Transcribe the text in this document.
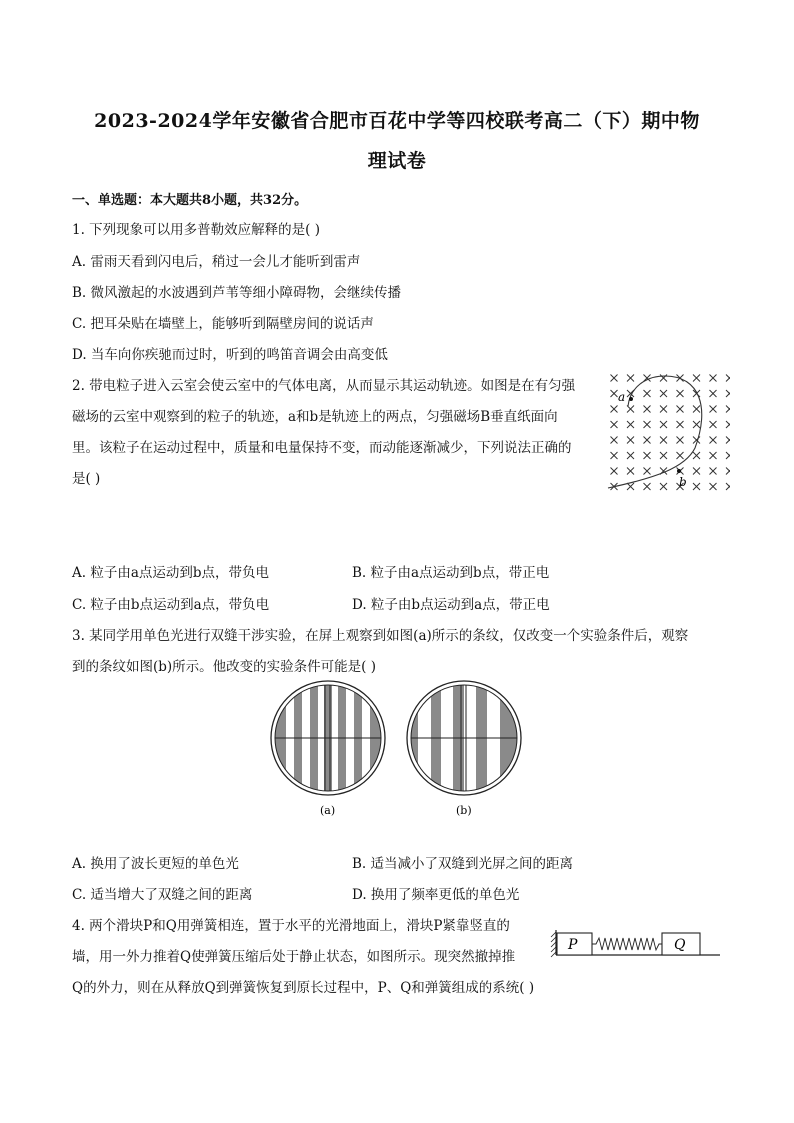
2023-2024学年安徽省合肥市百花中学等四校联考高二（下）期中物
理试卷
一、单选题：本大题共8小题，共32分。
1. 下列现象可以用多普勒效应解释的是( )
A. 雷雨天看到闪电后，稍过一会儿才能听到雷声
B. 微风激起的水波遇到芦苇等细小障碍物，会继续传播
C. 把耳朵贴在墙壁上，能够听到隔壁房间的说话声
D. 当车向你疾驰而过时，听到的鸣笛音调会由高变低
2. 带电粒子进入云室会使云室中的气体电离，从而显示其运动轨迹。如图是在有匀强
磁场的云室中观察到的粒子的轨迹，a和b是轨迹上的两点，匀强磁场B垂直纸面向
里。该粒子在运动过程中，质量和电量保持不变，而动能逐渐减少，下列说法正确的
是( )
a
b
A. 粒子由a点运动到b点，带负电	B. 粒子由a点运动到b点，带正电
C. 粒子由b点运动到a点，带负电	D. 粒子由b点运动到a点，带正电
3. 某同学用单色光进行双缝干涉实验，在屏上观察到如图(a)所示的条纹，仅改变一个实验条件后，观察
到的条纹如图(b)所示。他改变的实验条件可能是( )
(a)	(b)
A. 换用了波长更短的单色光	B. 适当减小了双缝到光屏之间的距离
C. 适当增大了双缝之间的距离	D. 换用了频率更低的单色光
4. 两个滑块P和Q用弹簧相连，置于水平的光滑地面上，滑块P紧靠竖直的
墙，用一外力推着Q使弹簧压缩后处于静止状态，如图所示。现突然撤掉推
Q的外力，则在从释放Q到弹簧恢复到原长过程中，P、Q和弹簧组成的系统( )
P	Q
